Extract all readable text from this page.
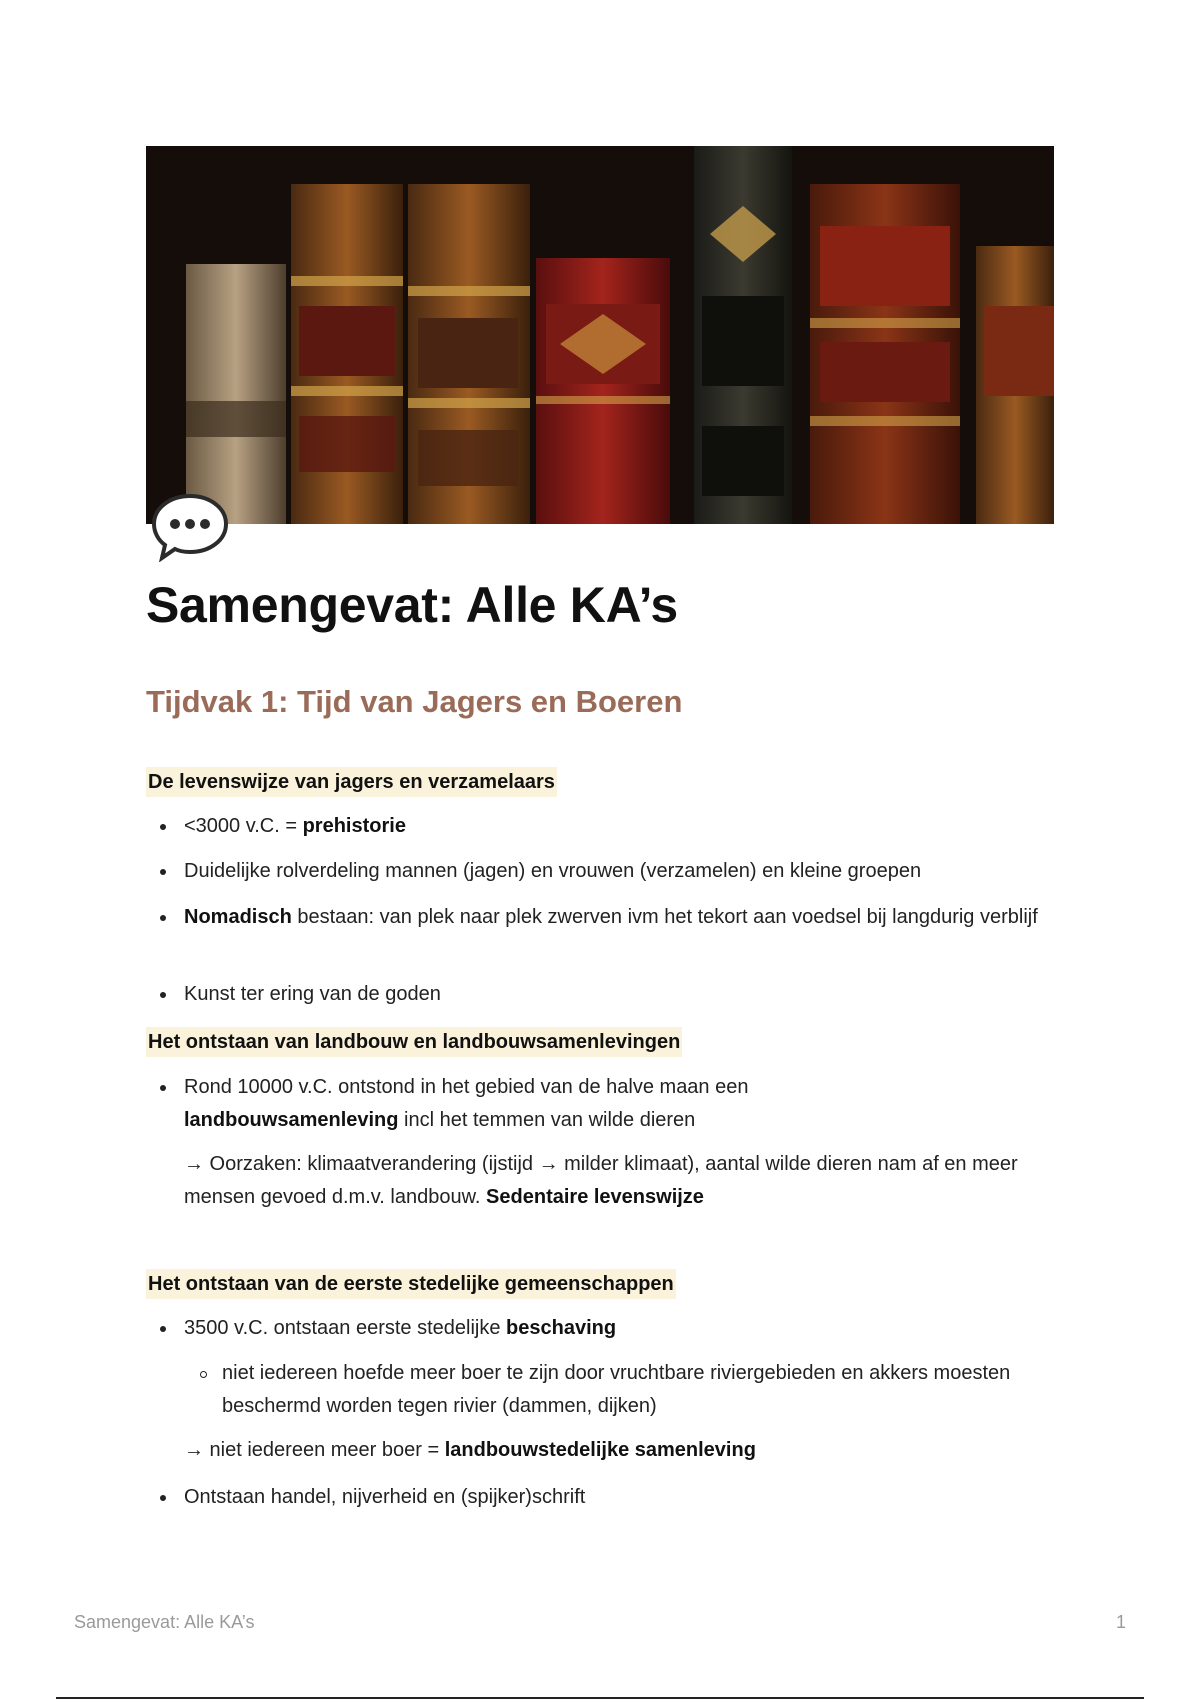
Samengevat: Alle KA’s
Tijdvak 1: Tijd van Jagers en Boeren
De levenswijze van jagers en verzamelaars
<3000 v.C. = prehistorie
Duidelijke rolverdeling mannen (jagen) en vrouwen (verzamelen) en kleine groepen
Nomadisch bestaan: van plek naar plek zwerven ivm het tekort aan voedsel bij langdurig verblijf
Kunst ter ering van de goden
Het ontstaan van landbouw en landbouwsamenlevingen
Rond 10000 v.C. ontstond in het gebied van de halve maan een landbouwsamenleving incl het temmen van wilde dieren
→ Oorzaken: klimaatverandering (ijstijd → milder klimaat), aantal wilde dieren nam af en meer mensen gevoed d.m.v. landbouw. Sedentaire levenswijze
Het ontstaan van de eerste stedelijke gemeenschappen
3500 v.C. ontstaan eerste stedelijke beschaving
niet iedereen hoefde meer boer te zijn door vruchtbare riviergebieden en akkers moesten beschermd worden tegen rivier (dammen, dijken)
→ niet iedereen meer boer = landbouwstedelijke samenleving
Ontstaan handel, nijverheid en (spijker)schrift
Samengevat: Alle KA’s	1
